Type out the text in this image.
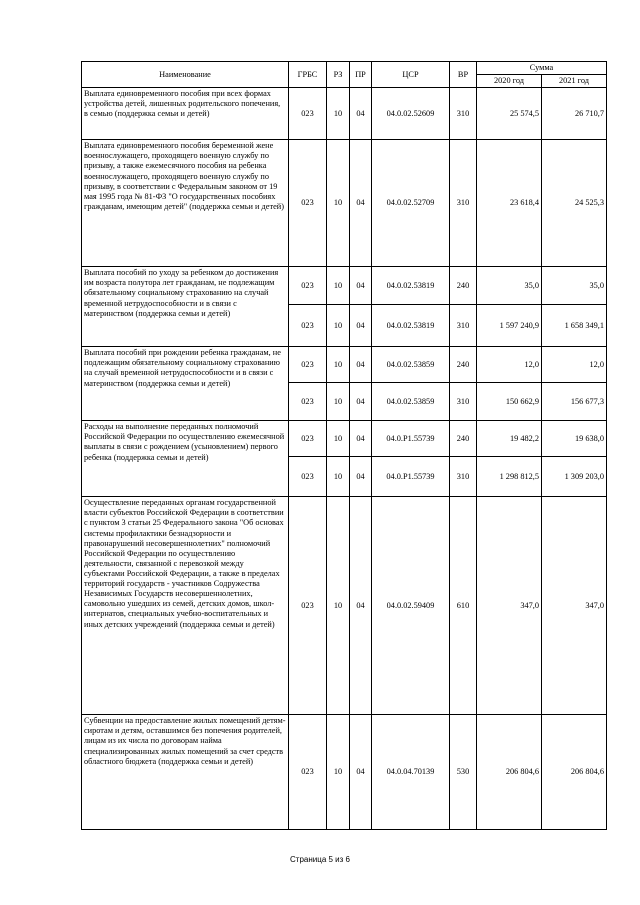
Наименование	ГРБС	РЗ	ПР	ЦСР	ВР	Сумма	
						2020 год	2021 год
Выплата единовременного пособия при всех формах устройства детей, лишенных родительского попечения, в семью (поддержка семьи и детей)	023	10	04	04.0.02.52609	310	25 574,5	26 710,7
Выплата единовременного пособия беременной жене военнослужащего, проходящего военную службу по призыву, а также ежемесячного пособия на ребенка военнослужащего, проходящего военную службу по призыву, в соответствии с Федеральным законом от 19 мая 1995 года № 81-ФЗ "О государственных пособиях гражданам, имеющим детей" (поддержка семьи и детей)	023	10	04	04.0.02.52709	310	23 618,4	24 525,3
Выплата пособий по уходу за ребенком до достижения им возраста полутора лет гражданам, не подлежащим обязательному социальному страхованию на случай временной нетрудоспособности и в связи с материнством (поддержка семьи и детей)	023	10	04	04.0.02.53819	240	35,0	35,0
	023	10	04	04.0.02.53819	310	1 597 240,9	1 658 349,1
Выплата пособий при рождении ребенка гражданам, не подлежащим обязательному социальному страхованию на случай временной нетрудоспособности и в связи с материнством (поддержка семьи и детей)	023	10	04	04.0.02.53859	240	12,0	12,0
	023	10	04	04.0.02.53859	310	150 662,9	156 677,3
Расходы на выполнение переданных полномочий Российской Федерации по осуществлению ежемесячной выплаты в связи с рождением (усыновлением) первого ребенка (поддержка семьи и детей)	023	10	04	04.0.Р1.55739	240	19 482,2	19 638,0
	023	10	04	04.0.Р1.55739	310	1 298 812,5	1 309 203,0
Осуществление переданных органам государственной власти субъектов Российской Федерации в соответствии с пунктом 3 статьи 25 Федерального закона "Об основах системы профилактики безнадзорности и правонарушений несовершеннолетних" полномочий Российской Федерации по осуществлению деятельности, связанной с перевозкой между субъектами Российской Федерации, а также в пределах территорий государств - участников Содружества Независимых Государств несовершеннолетних, самовольно ушедших из семей, детских домов, школ-интернатов, специальных учебно-воспитательных и иных детских учреждений (поддержка семьи и детей)	023	10	04	04.0.02.59409	610	347,0	347,0
Субвенции на предоставление жилых помещений детям-сиротам и детям, оставшимся без попечения родителей, лицам из их числа по договорам найма специализированных жилых помещений за счет средств областного бюджета (поддержка семьи и детей)	023	10	04	04.0.04.70139	530	206 804,6	206 804,6
Страница 5 из 6
